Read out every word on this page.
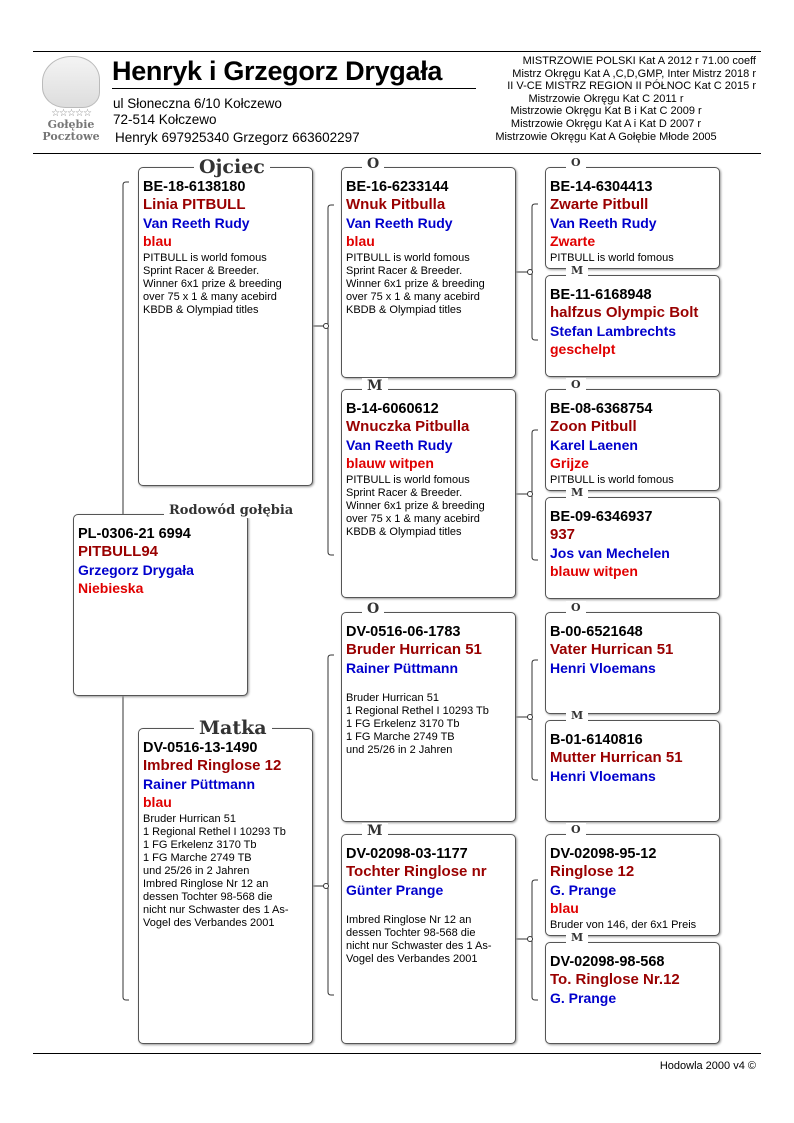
☆☆☆☆☆
Gołębie
Pocztowe
Henryk i Grzegorz Drygała
ul Słoneczna 6/10 Kołczewo
72-514 Kołczewo
Henryk 697925340 Grzegorz 663602297
MISTRZOWIE POLSKI Kat A 2012 r 71.00 coeff
Mistrz Okręgu Kat A ,C,D,GMP, Inter Mistrz 2018 r
II V-CE MISTRZ REGION II PÓŁNOC Kat C 2015 r
Mistrzowie Okręgu Kat C 2011 r
Mistrzowie Okręgu Kat B i Kat C 2009 r
Mistrzowie Okręgu Kat A i Kat D 2007 r
Mistrzowie Okręgu Kat A Gołębie Młode 2005
Rodowód gołębia
PL-0306-21 6994
PITBULL94
Grzegorz Drygała
Niebieska
Ojciec
BE-18-6138180
Linia PITBULL
Van Reeth Rudy
blau
PITBULL is world fomous
Sprint Racer & Breeder.
Winner 6x1 prize & breeding
over 75 x 1 & many acebird
KBDB & Olympiad titles
Matka
DV-0516-13-1490
Imbred Ringlose 12
Rainer Püttmann
blau
Bruder Hurrican 51
1 Regional Rethel I 10293 Tb
1 FG Erkelenz 3170 Tb
1 FG Marche 2749 TB
und 25/26 in 2 Jahren
Imbred Ringlose Nr 12 an
dessen Tochter 98-568 die
nicht nur Schwaster des 1 As-
Vogel des Verbandes 2001
O
BE-16-6233144
Wnuk Pitbulla
Van Reeth Rudy
blau
PITBULL is world fomous
Sprint Racer & Breeder.
Winner 6x1 prize & breeding
over 75 x 1 & many acebird
KBDB & Olympiad titles
M
B-14-6060612
Wnuczka Pitbulla
Van Reeth Rudy
blauw witpen
PITBULL is world fomous
Sprint Racer & Breeder.
Winner 6x1 prize & breeding
over 75 x 1 & many acebird
KBDB & Olympiad titles
O
DV-0516-06-1783
Bruder Hurrican 51
Rainer Püttmann

Bruder Hurrican 51
1 Regional Rethel I 10293 Tb
1 FG Erkelenz 3170 Tb
1 FG Marche 2749 TB
und 25/26 in 2 Jahren
M
DV-02098-03-1177
Tochter Ringlose nr
Günter Prange

Imbred Ringlose Nr 12 an
dessen Tochter 98-568 die
nicht nur Schwaster des 1 As-
Vogel des Verbandes 2001
O
BE-14-6304413
Zwarte Pitbull
Van Reeth Rudy
Zwarte
PITBULL is world fomous
M
BE-11-6168948
halfzus Olympic Bolt
Stefan Lambrechts
geschelpt
O
BE-08-6368754
Zoon Pitbull
Karel Laenen
Grijze
PITBULL is world fomous
M
BE-09-6346937
937
Jos van Mechelen
blauw witpen
O
B-00-6521648
Vater Hurrican 51
Henri Vloemans
M
B-01-6140816
Mutter Hurrican 51
Henri Vloemans
O
DV-02098-95-12
Ringlose 12
G. Prange
blau
Bruder von 146, der 6x1 Preis
M
DV-02098-98-568
To. Ringlose Nr.12
G. Prange
Hodowla 2000 v4 ©
